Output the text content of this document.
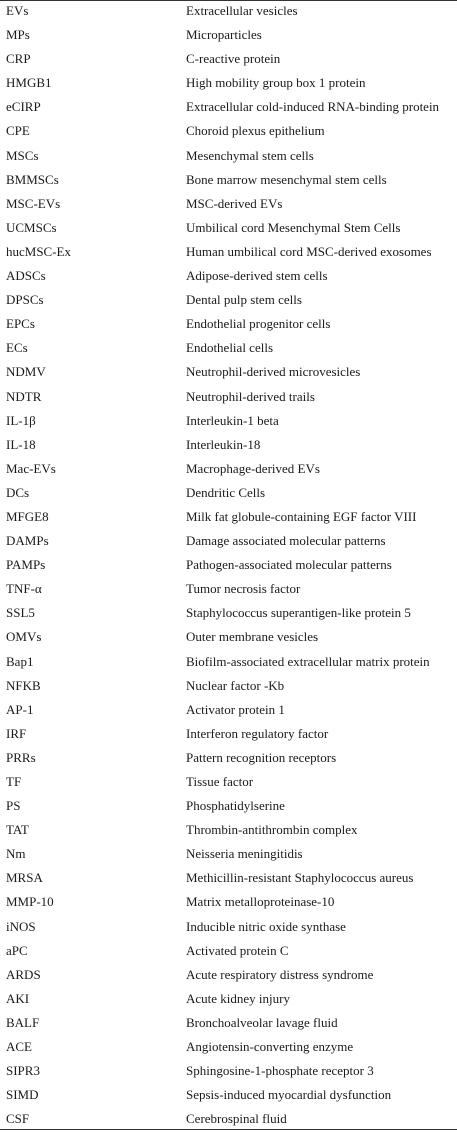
EVs	Extracellular vesicles
MPs	Microparticles
CRP	C-reactive protein
HMGB1	High mobility group box 1 protein
eCIRP	Extracellular cold-induced RNA-binding protein
CPE	Choroid plexus epithelium
MSCs	Mesenchymal stem cells
BMMSCs	Bone marrow mesenchymal stem cells
MSC-EVs	MSC-derived EVs
UCMSCs	Umbilical cord Mesenchymal Stem Cells
hucMSC-Ex	Human umbilical cord MSC-derived exosomes
ADSCs	Adipose-derived stem cells
DPSCs	Dental pulp stem cells
EPCs	Endothelial progenitor cells
ECs	Endothelial cells
NDMV	Neutrophil-derived microvesicles
NDTR	Neutrophil-derived trails
IL-1β	Interleukin-1 beta
IL-18	Interleukin-18
Mac-EVs	Macrophage-derived EVs
DCs	Dendritic Cells
MFGE8	Milk fat globule-containing EGF factor VIII
DAMPs	Damage associated molecular patterns
PAMPs	Pathogen-associated molecular patterns
TNF-α	Tumor necrosis factor
SSL5	Staphylococcus superantigen-like protein 5
OMVs	Outer membrane vesicles
Bap1	Biofilm-associated extracellular matrix protein
NFKB	Nuclear factor -Kb
AP-1	Activator protein 1
IRF	Interferon regulatory factor
PRRs	Pattern recognition receptors
TF	Tissue factor
PS	Phosphatidylserine
TAT	Thrombin-antithrombin complex
Nm	Neisseria meningitidis
MRSA	Methicillin-resistant Staphylococcus aureus
MMP-10	Matrix metalloproteinase-10
iNOS	Inducible nitric oxide synthase
aPC	Activated protein C
ARDS	Acute respiratory distress syndrome
AKI	Acute kidney injury
BALF	Bronchoalveolar lavage fluid
ACE	Angiotensin-converting enzyme
SIPR3	Sphingosine-1-phosphate receptor 3
SIMD	Sepsis-induced myocardial dysfunction
CSF	Cerebrospinal fluid
